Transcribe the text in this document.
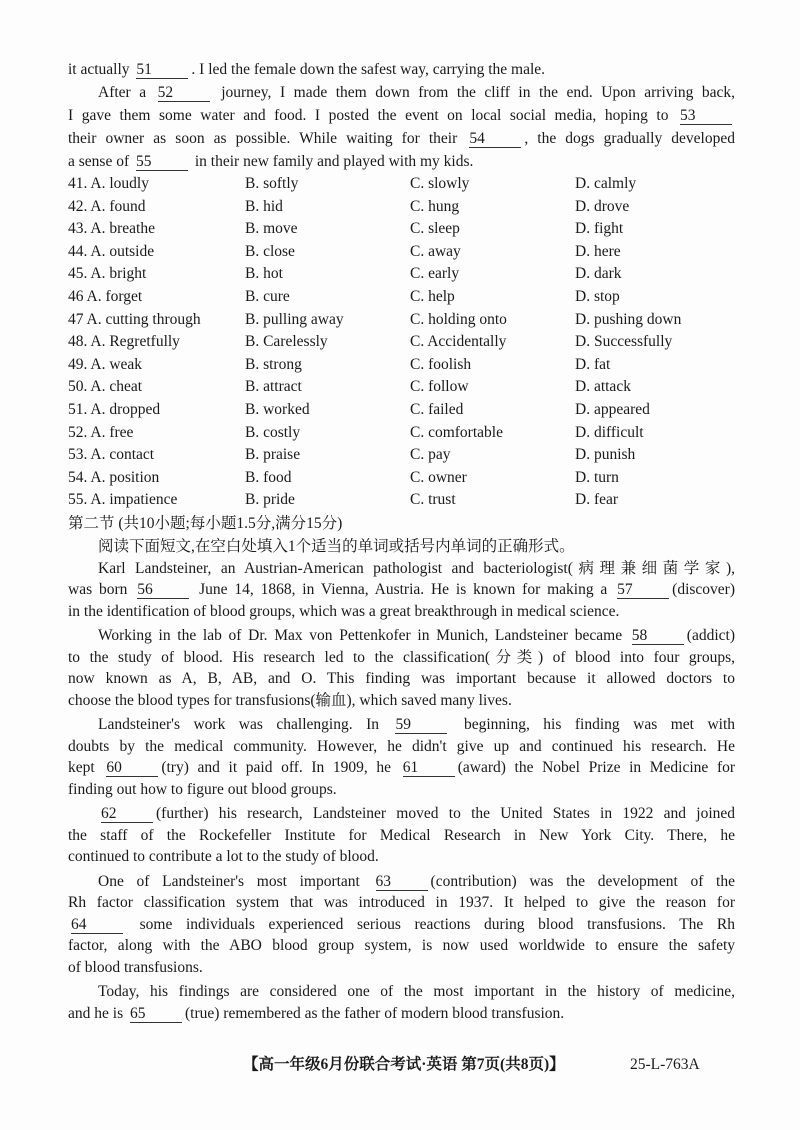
it actually 51	. I led the female down the safest way, carrying the male.
After a 52	journey, I made them down from the cliff in the end. Upon arriving back,
I gave them some water and food. I posted the event on local social media, hoping to 53
their owner as soon as possible. While waiting for their 54	, the dogs gradually developed
a sense of 55	in their new family and played with my kids.
41. A. loudly	B. softly	C. slowly	D. calmly
42. A. found	B. hid	C. hung	D. drove
43. A. breathe	B. move	C. sleep	D. fight
44. A. outside	B. close	C. away	D. here
45. A. bright	B. hot	C. early	D. dark
46 A. forget	B. cure	C. help	D. stop
47 A. cutting through	B. pulling away	C. holding onto	D. pushing down
48. A. Regretfully	B. Carelessly	C. Accidentally	D. Successfully
49. A. weak	B. strong	C. foolish	D. fat
50. A. cheat	B. attract	C. follow	D. attack
51. A. dropped	B. worked	C. failed	D. appeared
52. A. free	B. costly	C. comfortable	D. difficult
53. A. contact	B. praise	C. pay	D. punish
54. A. position	B. food	C. owner	D. turn
55. A. impatience	B. pride	C. trust	D. fear
第二节 (共10小题;每小题1.5分,满分15分)
阅读下面短文,在空白处填入1个适当的单词或括号内单词的正确形式。
Karl Landsteiner, an Austrian-American pathologist and bacteriologist(病理兼细菌学家),
was born 56	June 14, 1868, in Vienna, Austria. He is known for making a 57	(discover)
in the identification of blood groups, which was a great breakthrough in medical science.
Working in the lab of Dr. Max von Pettenkofer in Munich, Landsteiner became 58	(addict)
to the study of blood. His research led to the classification(分类) of blood into four groups,
now known as A, B, AB, and O. This finding was important because it allowed doctors to
choose the blood types for transfusions(输血), which saved many lives.
Landsteiner's work was challenging. In 59	beginning, his finding was met with
doubts by the medical community. However, he didn't give up and continued his research. He
kept 60	(try) and it paid off. In 1909, he 61	(award) the Nobel Prize in Medicine for
finding out how to figure out blood groups.
62	(further) his research, Landsteiner moved to the United States in 1922 and joined
the staff of the Rockefeller Institute for Medical Research in New York City. There, he
continued to contribute a lot to the study of blood.
One of Landsteiner's most important 63	(contribution) was the development of the
Rh factor classification system that was introduced in 1937. It helped to give the reason for
64	some individuals experienced serious reactions during blood transfusions. The Rh
factor, along with the ABO blood group system, is now used worldwide to ensure the safety
of blood transfusions.
Today, his findings are considered one of the most important in the history of medicine,
and he is 65	(true) remembered as the father of modern blood transfusion.
【高一年级6月份联合考试·英语 第7页(共8页)】	25-L-763A
